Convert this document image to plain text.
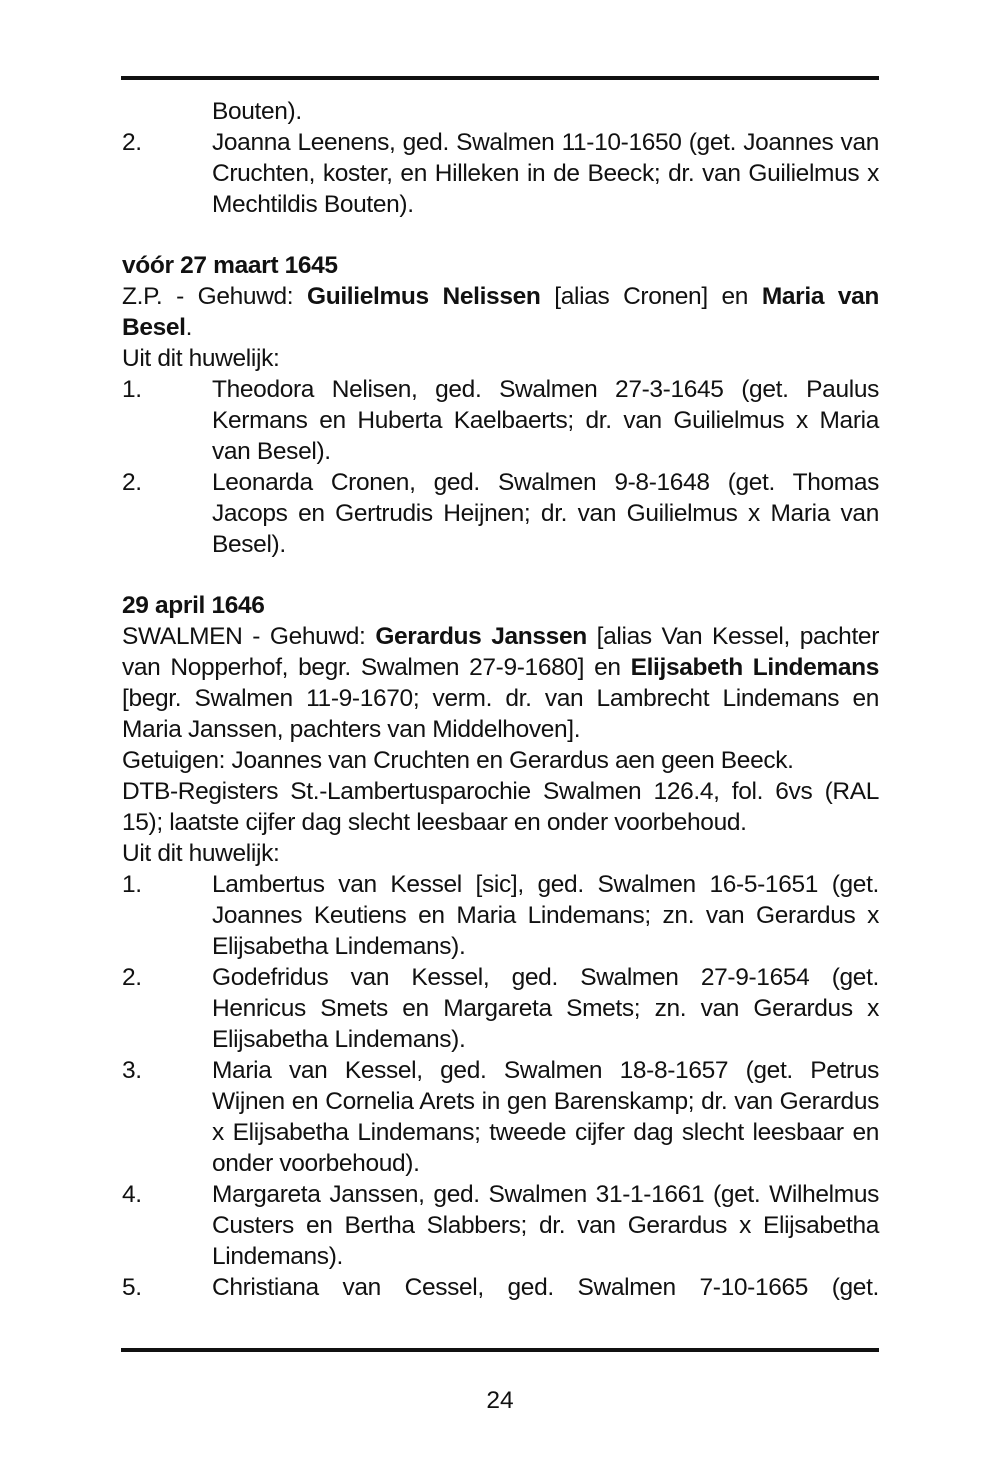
Bouten).
2.	Joanna Leenens, ged. Swalmen 11-10-1650 (get. Joannes van Cruchten, koster, en Hilleken in de Beeck; dr. van Guilielmus x Mechtildis Bouten).
vóór 27 maart 1645
Z.P. - Gehuwd: Guilielmus Nelissen [alias Cronen] en Maria van Besel.
Uit dit huwelijk:
1.	Theodora Nelisen, ged. Swalmen 27-3-1645 (get. Paulus Kermans en Huberta Kaelbaerts; dr. van Guilielmus x Maria van Besel).
2.	Leonarda Cronen, ged. Swalmen 9-8-1648 (get. Thomas Jacops en Gertrudis Heijnen; dr. van Guilielmus x Maria van Besel).
29 april 1646
SWALMEN - Gehuwd: Gerardus Janssen [alias Van Kessel, pachter van Nopperhof, begr. Swalmen 27-9-1680] en Elijsabeth Lindemans [begr. Swalmen 11-9-1670; verm. dr. van Lambrecht Lindemans en Maria Janssen, pachters van Middelhoven].
Getuigen: Joannes van Cruchten en Gerardus aen geen Beeck.
DTB-Registers St.-Lambertusparochie Swalmen 126.4, fol. 6vs (RAL 15); laatste cijfer dag slecht leesbaar en onder voorbehoud.
Uit dit huwelijk:
1.	Lambertus van Kessel [sic], ged. Swalmen 16-5-1651 (get. Joannes Keutiens en Maria Lindemans; zn. van Gerardus x Elijsabetha Lindemans).
2.	Godefridus van Kessel, ged. Swalmen 27-9-1654 (get. Henricus Smets en Margareta Smets; zn. van Gerardus x Elijsabetha Lindemans).
3.	Maria van Kessel, ged. Swalmen 18-8-1657 (get. Petrus Wijnen en Cornelia Arets in gen Barenskamp; dr. van Gerardus x Elijsabetha Lindemans; tweede cijfer dag slecht leesbaar en onder voorbehoud).
4.	Margareta Janssen, ged. Swalmen 31-1-1661 (get. Wilhelmus Custers en Bertha Slabbers; dr. van Gerardus x Elijsabetha Lindemans).
5.	Christiana van Cessel, ged. Swalmen 7-10-1665 (get.
24
